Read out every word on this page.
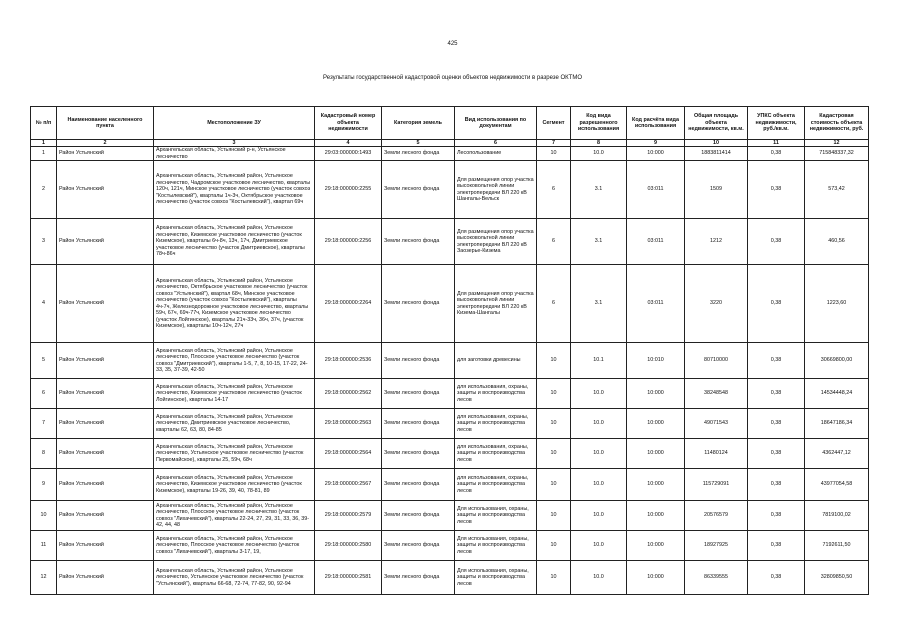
425
Результаты государственной кадастровой оценки объектов недвижимости в разрезе ОКТМО
№ п/п	Наименование населенного пункта	Местоположение ЗУ	Кадастровый номер объекта недвижимости	Категория земель	Вид использования по документам	Сегмент	Код вида разрешенного использования	Код расчёта вида использования	Общая площадь объекта недвижимости, кв.м.	УПКС объекта недвижимости, руб./кв.м.	Кадастровая стоимость объекта недвижимости, руб.
1	2	3	4	5	6	7	8	9	10	11	12
1	Район Устьянский	Архангельская область, Устьянский р-н, Устьянское лесничество	29:03:000000:1493	Земли лесного фонда	Лесопользование	10	10.0	10:000	1883811414	0,38	715848337,32
2	Район Устьянский	Архангельская область, Устьянский район, Устьянское лесничество, Чадромское участковое лесничество, кварталы 120ч, 121ч, Минское участковое лесничество (участок совхоз "Костылевский"), кварталы 1ч-3ч, Октябрьское участковое лесничество (участок совхоз "Костылевский"), квартал 69ч	29:18:000000:2255	Земли лесного фонда	Для размещения опор участка высоковольтной линии электропередачи ВЛ 220 кВ Шангалы-Вельск	6	3.1	03:011	1509	0,38	573,42
3	Район Устьянский	Архангельская область, Устьянский район, Устьянское лесничество, Киземское участковое лесничество (участок Киземское), кварталы 6ч-8ч, 13ч, 17ч, Дмитриевское участковое лесничество (участок Дмитриевское), кварталы 78ч-86ч	29:18:000000:2256	Земли лесного фонда	Для размещения опор участка высоковольтной линии электропередачи ВЛ 220 кВ Заозерье-Кизема	6	3.1	03:011	1212	0,38	460,56
4	Район Устьянский	Архангельская область, Устьянский район, Устьянское лесничество, Октябрьское участковое лесничество (участок совхоз "Устьянский"), квартал 68ч, Минское участковое лесничество (участок совхоз "Костылевский"), кварталы 4ч-7ч, Железнодорожное участковое лесничество, кварталы 59ч, 67ч, 69ч-77ч, Киземское участковое лесничество (участок Лойгинское), кварталы 21ч-33ч, 36ч, 37ч, (участок Киземское), кварталы 10ч-12ч, 27ч	29:18:000000:2264	Земли лесного фонда	Для размещения опор участка высоковольтной линии электропередачи ВЛ 220 кВ Кизема-Шангалы	6	3.1	03:011	3220	0,38	1223,60
5	Район Устьянский	Архангельская область, Устьянский район, Устьянское лесничество, Плосское участковое лесничество (участок совхоз "Дмитриевский"), кварталы 1-5, 7, 8, 10-15, 17-22, 24-33, 35, 37-39, 42-50	29:18:000000:2536	Земли лесного фонда	для заготовки древесины	10	10.1	10:010	80710000	0,38	30669800,00
6	Район Устьянский	Архангельская область, Устьянский район, Устьянское лесничество, Киземское участковое лесничество (участок Лойгинское), кварталы 14-17	29:18:000000:2562	Земли лесного фонда	для использования, охраны, защиты и воспроизводства лесов	10	10.0	10:000	38248548	0,38	14534448,24
7	Район Устьянский	Архангельская область, Устьянский район, Устьянское лесничество, Дмитриевское участковое лесничество, кварталы 62, 63, 80, 84-85	29:18:000000:2563	Земли лесного фонда	для использования, охраны, защиты и воспроизводства лесов	10	10.0	10:000	49071543	0,38	18647186,34
8	Район Устьянский	Архангельская область, Устьянский район, Устьянское лесничество, Устьянское участковое лесничество (участок Первомайское), кварталы 25, 59ч, 68ч	29:18:000000:2564	Земли лесного фонда	для использования, охраны, защиты и воспроизводства лесов	10	10.0	10:000	11480124	0,38	4362447,12
9	Район Устьянский	Архангельская область, Устьянский район, Устьянское лесничество, Киземское участковое лесничество (участок Киземское), кварталы 19-26, 39, 40, 78-81, 89	29:18:000000:2567	Земли лесного фонда	для использования, охраны, защиты и воспроизводства лесов	10	10.0	10:000	115729091	0,38	43977054,58
10	Район Устьянский	Архангельская область, Устьянский район, Устьянское лесничество, Плосское участковое лесничество (участок совхоз "Лихачевский"), кварталы 22-24, 27, 29, 31, 33, 36, 39-42, 44, 48	29:18:000000:2579	Земли лесного фонда	Для использования, охраны, защиты и воспроизводства лесов	10	10.0	10:000	20576579	0,38	7819100,02
11	Район Устьянский	Архангельская область, Устьянский район, Устьянское лесничество, Плосское участковое лесничество (участок совхоз "Лихачевский"), кварталы 3-17, 19,	29:18:000000:2580	Земли лесного фонда	Для использования, охраны, защиты и воспроизводства лесов	10	10.0	10:000	18927925	0,38	7192611,50
12	Район Устьянский	Архангельская область, Устьянский район, Устьянское лесничество, Устьянское участковое лесничество (участок "Устьянский"), кварталы 66-68, 72-74, 77-82, 90, 92-94	29:18:000000:2581	Земли лесного фонда	Для использования, охраны, защиты и воспроизводства лесов	10	10.0	10:000	86339555	0,38	32809850,50
